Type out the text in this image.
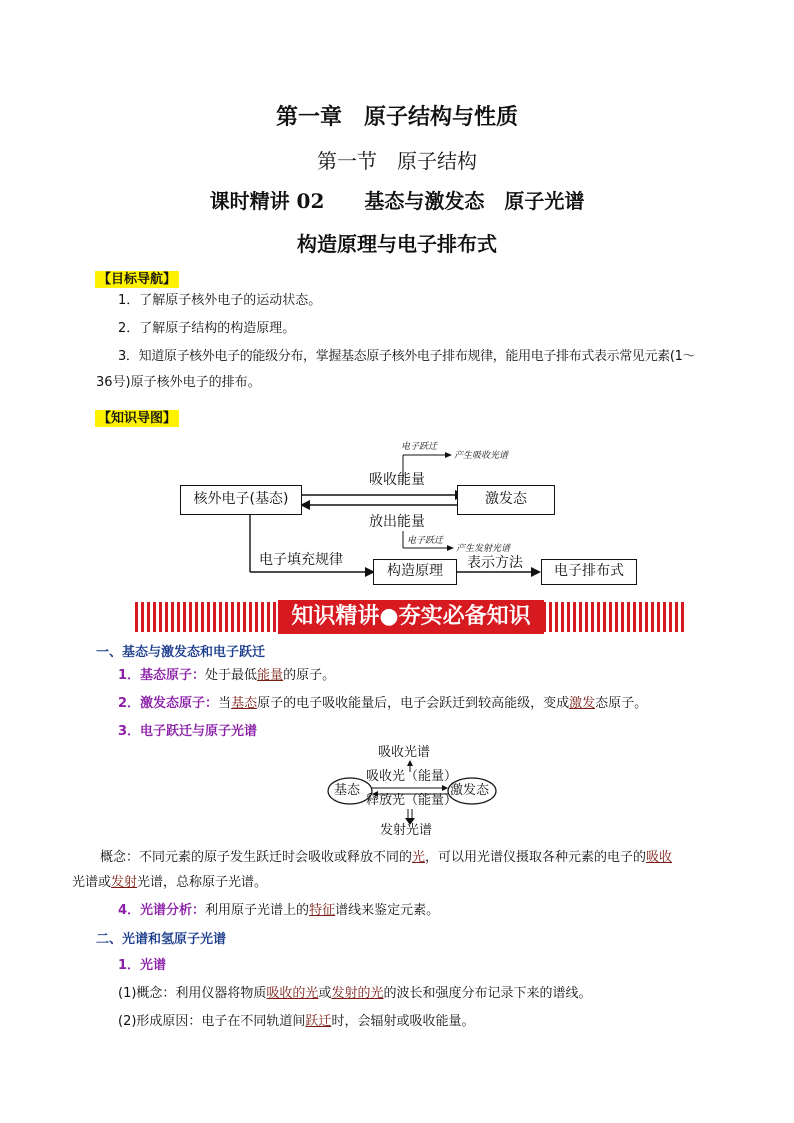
第一章　原子结构与性质
第一节　原子结构
课时精讲 02　　基态与激发态　原子光谱
构造原理与电子排布式
【目标导航】
1．了解原子核外电子的运动状态。
2．了解原子结构的构造原理。
3．知道原子核外电子的能级分布，掌握基态原子核外电子排布规律，能用电子排布式表示常见元素(1～
36号)原子核外电子的排布。
【知识导图】
核外电子(基态)	激发态
构造原理	电子排布式
吸收能量
放出能量
电子填充规律	表示方法
电子跃迁
产生吸收光谱
电子跃迁
产生发射光谱
知识精讲●夯实必备知识
一、基态与激发态和电子跃迁
1．基态原子：处于最低能量的原子。
2．激发态原子：当基态原子的电子吸收能量后，电子会跃迁到较高能级，变成激发态原子。
3．电子跃迁与原子光谱
吸收光谱
基态
吸收光（能量）
释放光（能量）
激发态
发射光谱
概念：不同元素的原子发生跃迁时会吸收或释放不同的光，可以用光谱仪摄取各种元素的电子的吸收
光谱或发射光谱，总称原子光谱。
4．光谱分析：利用原子光谱上的特征谱线来鉴定元素。
二、光谱和氢原子光谱
1．光谱
(1)概念：利用仪器将物质吸收的光或发射的光的波长和强度分布记录下来的谱线。
(2)形成原因：电子在不同轨道间跃迁时，会辐射或吸收能量。
